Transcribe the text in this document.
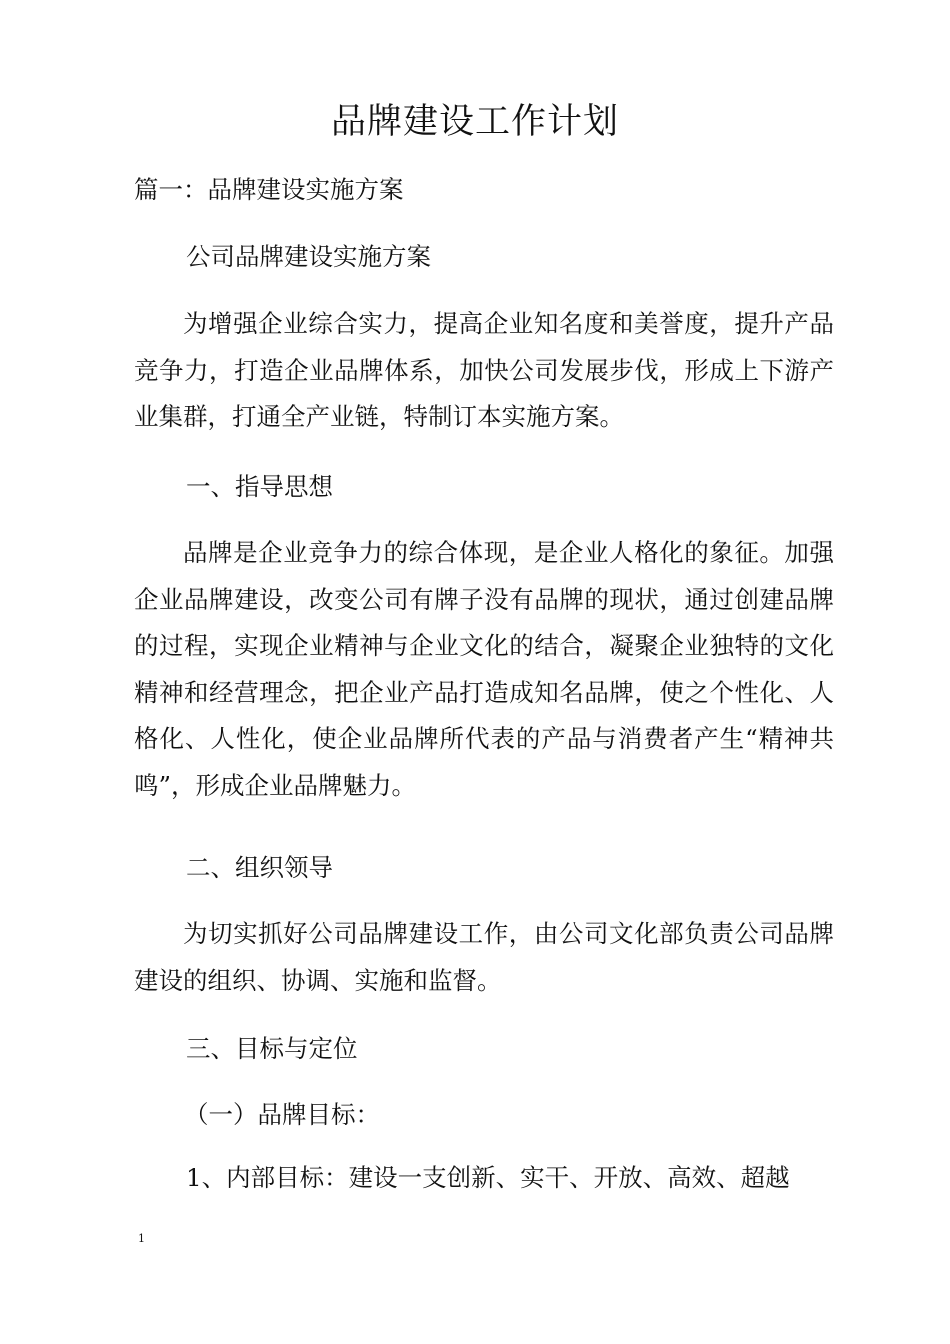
品牌建设工作计划
篇一：品牌建设实施方案
公司品牌建设实施方案
为增强企业综合实力，提高企业知名度和美誉度，提升产品竞争力，打造企业品牌体系，加快公司发展步伐，形成上下游产业集群，打通全产业链，特制订本实施方案。
一、指导思想
品牌是企业竞争力的综合体现，是企业人格化的象征。加强企业品牌建设，改变公司有牌子没有品牌的现状，通过创建品牌的过程，实现企业精神与企业文化的结合，凝聚企业独特的文化精神和经营理念，把企业产品打造成知名品牌，使之个性化、人格化、人性化，使企业品牌所代表的产品与消费者产生“精神共鸣”，形成企业品牌魅力。
二、组织领导
为切实抓好公司品牌建设工作，由公司文化部负责公司品牌建设的组织、协调、实施和监督。
三、目标与定位
（一）品牌目标：
1、内部目标：建设一支创新、实干、开放、高效、超越
1
